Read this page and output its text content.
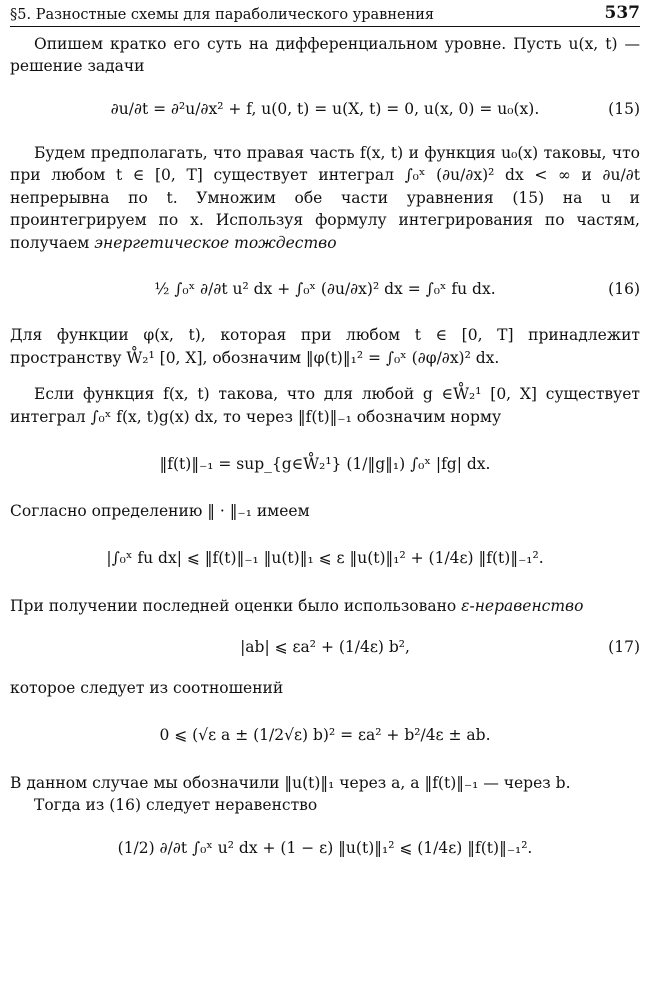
§5. Разностные схемы для параболического уравнения	537

Опишем кратко его суть на дифференциальном уровне. Пусть u(x, t) — решение задачи

∂u/∂t = ∂²u/∂x² + f, u(0, t) = u(X, t) = 0, u(x, 0) = u₀(x).	(15)

Будем предполагать, что правая часть f(x, t) и функция u₀(x) таковы, что при любом t ∈ [0, T] существует интеграл ∫₀ˣ (∂u/∂x)² dx < ∞ и ∂u/∂t непрерывна по t. Умножим обе части уравнения (15) на u и проинтегрируем по x. Используя формулу интегрирования по частям, получаем энергетическое тождество

½ ∫₀ˣ ∂/∂t u² dx + ∫₀ˣ (∂u/∂x)² dx = ∫₀ˣ fu dx.	(16)

Для функции φ(x, t), которая при любом t ∈ [0, T] принадлежит пространству W̊₂¹ [0, X], обозначим ‖φ(t)‖₁² = ∫₀ˣ (∂φ/∂x)² dx.

Если функция f(x, t) такова, что для любой g ∈W̊₂¹ [0, X] существует интеграл ∫₀ˣ f(x, t)g(x) dx, то через ‖f(t)‖₋₁ обозначим норму

‖f(t)‖₋₁ = sup_{g∈W̊₂¹} (1/‖g‖₁) ∫₀ˣ |fg| dx.

Согласно определению ‖ · ‖₋₁ имеем

|∫₀ˣ fu dx| ⩽ ‖f(t)‖₋₁ ‖u(t)‖₁ ⩽ ε ‖u(t)‖₁² + (1/4ε) ‖f(t)‖₋₁².

При получении последней оценки было использовано ε-неравенство

|ab| ⩽ εa² + (1/4ε) b²,	(17)

которое следует из соотношений

0 ⩽ (√ε a ± (1/2√ε) b)² = εa² + b²/4ε ± ab.

В данном случае мы обозначили ‖u(t)‖₁ через a, а ‖f(t)‖₋₁ — через b.

Тогда из (16) следует неравенство

(1/2) ∂/∂t ∫₀ˣ u² dx + (1 − ε) ‖u(t)‖₁² ⩽ (1/4ε) ‖f(t)‖₋₁².
